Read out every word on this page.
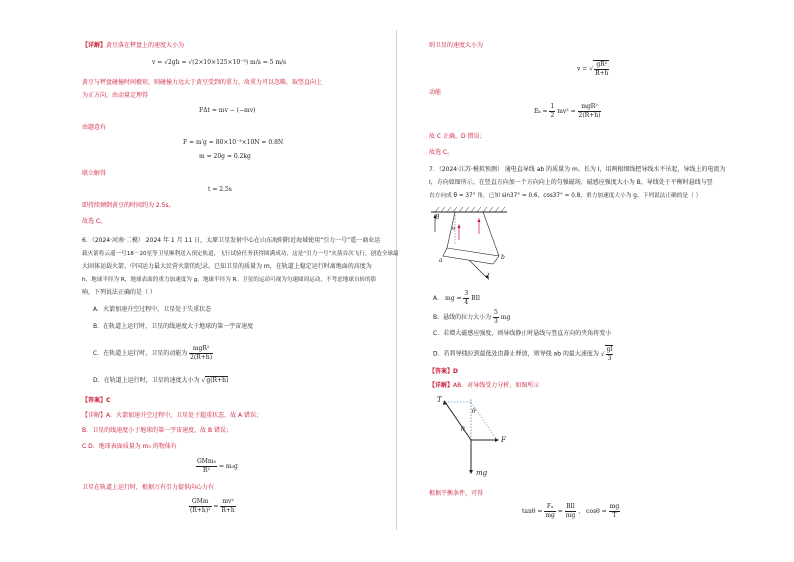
【详解】黄豆落在秤盘上的速度大小为
v = √2gh = √(2×10×125×10⁻³) m/s = 5 m/s
黄豆与秤盘碰撞时间极短，则碰撞力远大于黄豆受到的重力，故重力可以忽略，取竖直向上
为正方向，由动量定理得
FΔt = mv − (−mv)
由题意有
F = m′g = 80×10⁻³×10N = 0.8N
m = 20g = 0.2kg
联立解得
t = 2.5s
即持续倾倒黄豆的时间约为 2.5s。
故选 C。
6．（2024·河南·二模） 2024 年 1 月 11 日，太原卫星发射中心在山东海阳附近海域使用“引力一号”遥一商业运
载火箭将云遥一号18－20星等卫星顺利送入预定轨道，飞行试验任务获得圆满成功，这是“引力一号”火箭首次飞行，创造全球最
大固体运载火箭、中国运力最大民营火箭的纪录。已知卫星的质量为 m，在轨道上稳定运行时离地面的高度为
h，地球半径为 R，地球表面的重力加速度为 g，地球半径为 R。卫星的运动可视为匀速圆周运动，不考虑地球自转的影
响，下列说法正确的是（ ）
A．火箭加速升空过程中，卫星处于失重状态
B．在轨道上运行时，卫星的线速度大于地球的第一宇宙速度
C．在轨道上运行时，卫星的动能为 $\frac{\text{mgR²}}{2(R+h)}$
D．在轨道上运行时，卫星的速度大小为 √g(R+h)
【答案】C
【详解】A．火箭加速升空过程中，卫星处于超重状态，故 A 错误；
B．卫星的线速度小于地球的第一宇宙速度，故 B 错误；
C D．地球表面质量为 m₀ 的物体有
$\frac{\text{GMm₀}}{\text{R²}} = m_0g$
卫星在轨道上运行时，根据万有引力提供向心力有
$\frac{\text{GMm}}{\text{(R+h)²}} = \frac{\text{mv²}}{R+h}$
则卫星的速度大小为
v = √ $\frac{\text{gR²}}{R+h}$
动能
$E_k = \frac{1}{2} mv^2 = \frac{\text{mgR²}}{2(R+h)}$
故 C 正确，D 错误；
故选 C。
7．（2024·江苏·模拟预测） 通电直导线 ab 的质量为 m、长为 l，用两根细线把导线水平吊起，导线上的电流为
I，方向如图所示。在竖直方向加一个方向向上的匀强磁场，磁感应强度大小为 B，导线处于平衡时悬线与竖
直方向成 θ = 37° 角，已知 sin37° = 0.6，cos37° = 0.8，重力加速度大小为 g。下列说法正确的是（ ）
B
θ
a	b
I
A． mg = $\frac{3}{4}$ BIl
B．悬线的拉力大小为 $\frac{5}{3}$ mg
C．若增大磁感应强度，则导线静止时悬线与竖直方向的夹角将变小
D．若将导线拉到最低处由静止释放，则导线 ab 的最大速度为 √ $\frac{gl}{3}$
【答案】D
【详解】AB．对导线受力分析，如图所示
T
θ
θ
F
mg
根据平衡条件，可得
$\tan\theta = \frac{\text{Fₐ}}{mg} = \frac{\text{BIl}}{mg}$ ， $\cos\theta = \frac{mg}{T}$
